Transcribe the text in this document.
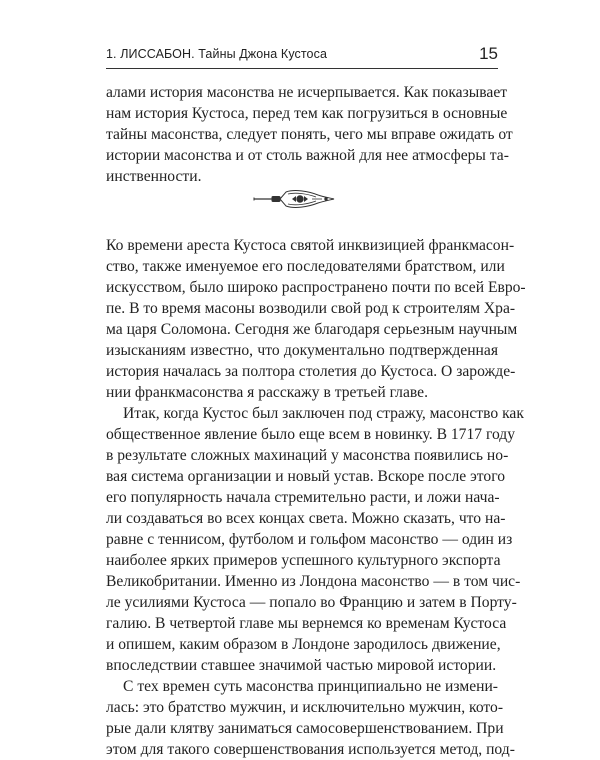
1. ЛИССАБОН. Тайны Джона Кустоса	15
алами история масонства не исчерпывается. Как показывает
нам история Кустоса, перед тем как погрузиться в основные
тайны масонства, следует понять, чего мы вправе ожидать от
истории масонства и от столь важной для нее атмосферы та-
инственности.
Ко времени ареста Кустоса святой инквизицией франкмасон-
ство, также именуемое его последователями братством, или
искусством, было широко распространено почти по всей Евро-
пе. В то время масоны возводили свой род к строителям Хра-
ма царя Соломона. Сегодня же благодаря серьезным научным
изысканиям известно, что документально подтвержденная
история началась за полтора столетия до Кустоса. О зарожде-
нии франкмасонства я расскажу в третьей главе.
Итак, когда Кустос был заключен под стражу, масонство как
общественное явление было еще всем в новинку. В 1717 году
в результате сложных махинаций у масонства появились но-
вая система организации и новый устав. Вскоре после этого
его популярность начала стремительно расти, и ложи нача-
ли создаваться во всех концах света. Можно сказать, что на-
равне с теннисом, футболом и гольфом масонство — один из
наиболее ярких примеров успешного культурного экспорта
Великобритании. Именно из Лондона масонство — в том чис-
ле усилиями Кустоса — попало во Францию и затем в Порту-
галию. В четвертой главе мы вернемся ко временам Кустоса
и опишем, каким образом в Лондоне зародилось движение,
впоследствии ставшее значимой частью мировой истории.
С тех времен суть масонства принципиально не измени-
лась: это братство мужчин, и исключительно мужчин, кото-
рые дали клятву заниматься самосовершенствованием. При
этом для такого совершенствования используется метод, под-
